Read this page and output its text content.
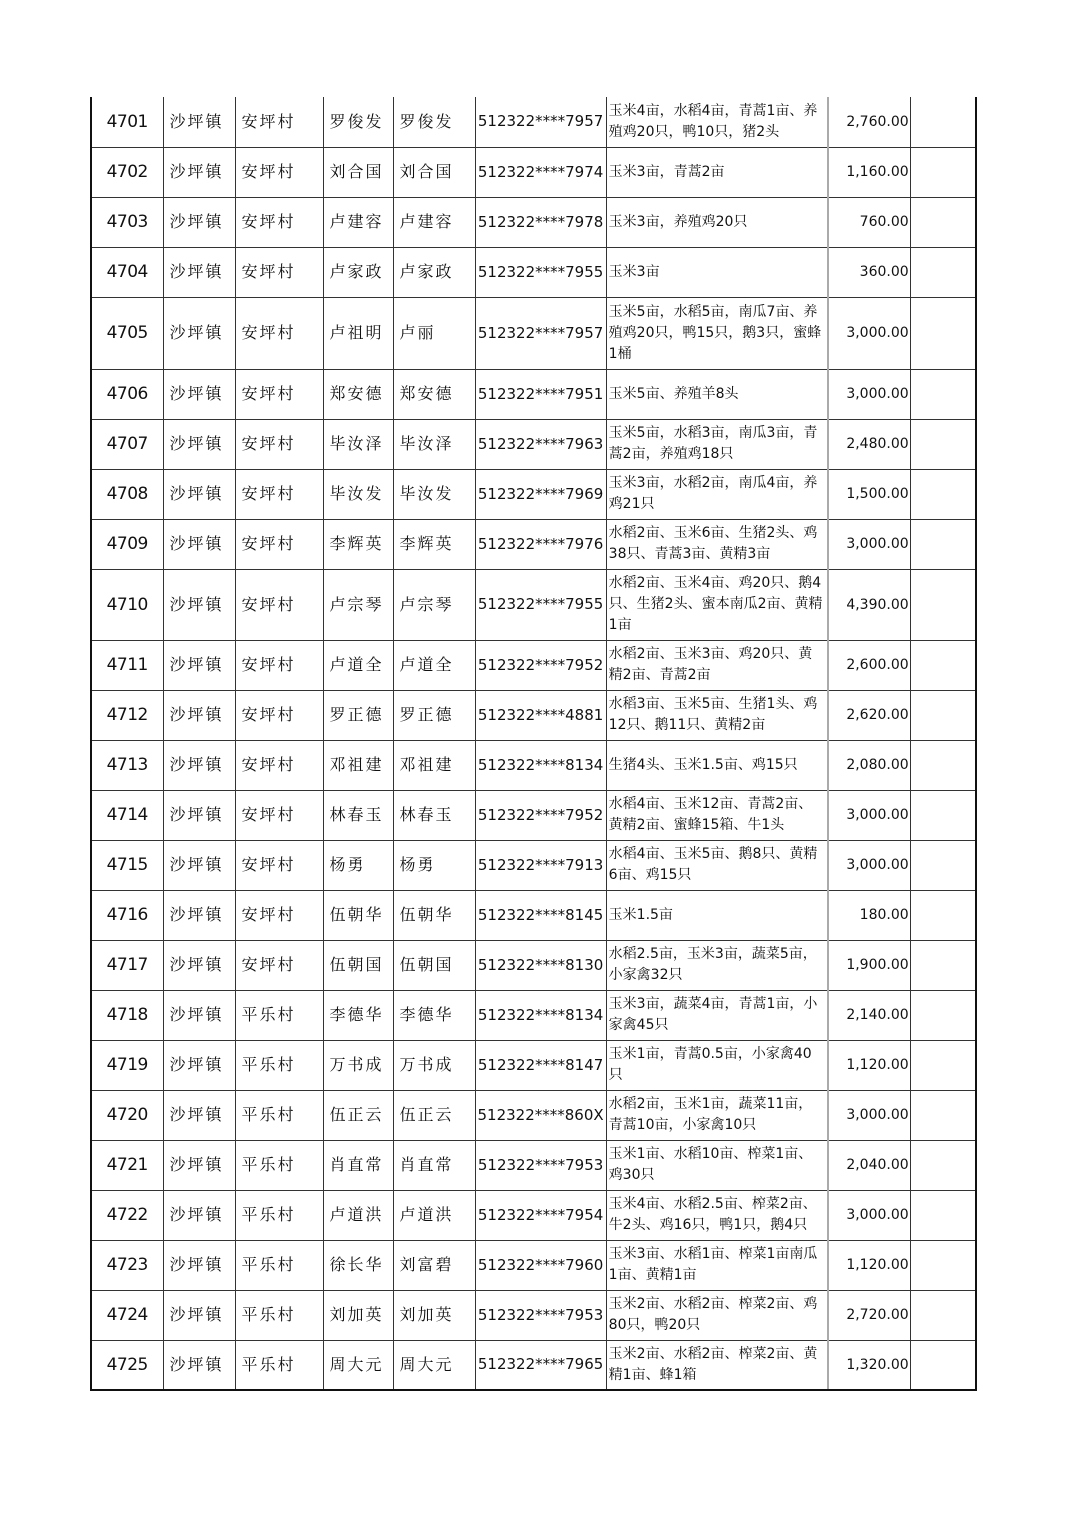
4701	沙坪镇	安坪村	罗俊发	罗俊发	512322****7957	玉米4亩，水稻4亩，青蒿1亩、养殖鸡20只，鸭10只，猪2头	2,760.00	
4702	沙坪镇	安坪村	刘合国	刘合国	512322****7974	玉米3亩，青蒿2亩	1,160.00	
4703	沙坪镇	安坪村	卢建容	卢建容	512322****7978	玉米3亩，养殖鸡20只	760.00	
4704	沙坪镇	安坪村	卢家政	卢家政	512322****7955	玉米3亩	360.00	
4705	沙坪镇	安坪村	卢祖明	卢丽	512322****7957	玉米5亩，水稻5亩，南瓜7亩、养殖鸡20只，鸭15只，鹅3只，蜜蜂1桶	3,000.00	
4706	沙坪镇	安坪村	郑安德	郑安德	512322****7951	玉米5亩、养殖羊8头	3,000.00	
4707	沙坪镇	安坪村	毕汝泽	毕汝泽	512322****7963	玉米5亩，水稻3亩，南瓜3亩，青蒿2亩，养殖鸡18只	2,480.00	
4708	沙坪镇	安坪村	毕汝发	毕汝发	512322****7969	玉米3亩，水稻2亩，南瓜4亩，养鸡21只	1,500.00	
4709	沙坪镇	安坪村	李辉英	李辉英	512322****7976	水稻2亩、玉米6亩、生猪2头、鸡38只、青蒿3亩、黄精3亩	3,000.00	
4710	沙坪镇	安坪村	卢宗琴	卢宗琴	512322****7955	水稻2亩、玉米4亩、鸡20只、鹅4只、生猪2头、蜜本南瓜2亩、黄精1亩	4,390.00	
4711	沙坪镇	安坪村	卢道全	卢道全	512322****7952	水稻2亩、玉米3亩、鸡20只、黄精2亩、青蒿2亩	2,600.00	
4712	沙坪镇	安坪村	罗正德	罗正德	512322****4881	水稻3亩、玉米5亩、生猪1头、鸡12只、鹅11只、黄精2亩	2,620.00	
4713	沙坪镇	安坪村	邓祖建	邓祖建	512322****8134	生猪4头、玉米1.5亩、鸡15只	2,080.00	
4714	沙坪镇	安坪村	林春玉	林春玉	512322****7952	水稻4亩、玉米12亩、青蒿2亩、黄精2亩、蜜蜂15箱、牛1头	3,000.00	
4715	沙坪镇	安坪村	杨勇	杨勇	512322****7913	水稻4亩、玉米5亩、鹅8只、黄精6亩、鸡15只	3,000.00	
4716	沙坪镇	安坪村	伍朝华	伍朝华	512322****8145	玉米1.5亩	180.00	
4717	沙坪镇	安坪村	伍朝国	伍朝国	512322****8130	水稻2.5亩，玉米3亩，蔬菜5亩，小家禽32只	1,900.00	
4718	沙坪镇	平乐村	李德华	李德华	512322****8134	玉米3亩，蔬菜4亩，青蒿1亩，小家禽45只	2,140.00	
4719	沙坪镇	平乐村	万书成	万书成	512322****8147	玉米1亩，青蒿0.5亩，小家禽40只	1,120.00	
4720	沙坪镇	平乐村	伍正云	伍正云	512322****860X	水稻2亩，玉米1亩，蔬菜11亩，青蒿10亩，小家禽10只	3,000.00	
4721	沙坪镇	平乐村	肖直常	肖直常	512322****7953	玉米1亩、水稻10亩、榨菜1亩、鸡30只	2,040.00	
4722	沙坪镇	平乐村	卢道洪	卢道洪	512322****7954	玉米4亩、水稻2.5亩、榨菜2亩、牛2头、鸡16只，鸭1只，鹅4只	3,000.00	
4723	沙坪镇	平乐村	徐长华	刘富碧	512322****7960	玉米3亩、水稻1亩、榨菜1亩南瓜1亩、黄精1亩	1,120.00	
4724	沙坪镇	平乐村	刘加英	刘加英	512322****7953	玉米2亩、水稻2亩、榨菜2亩、鸡80只，鸭20只	2,720.00	
4725	沙坪镇	平乐村	周大元	周大元	512322****7965	玉米2亩、水稻2亩、榨菜2亩、黄精1亩、蜂1箱	1,320.00	
